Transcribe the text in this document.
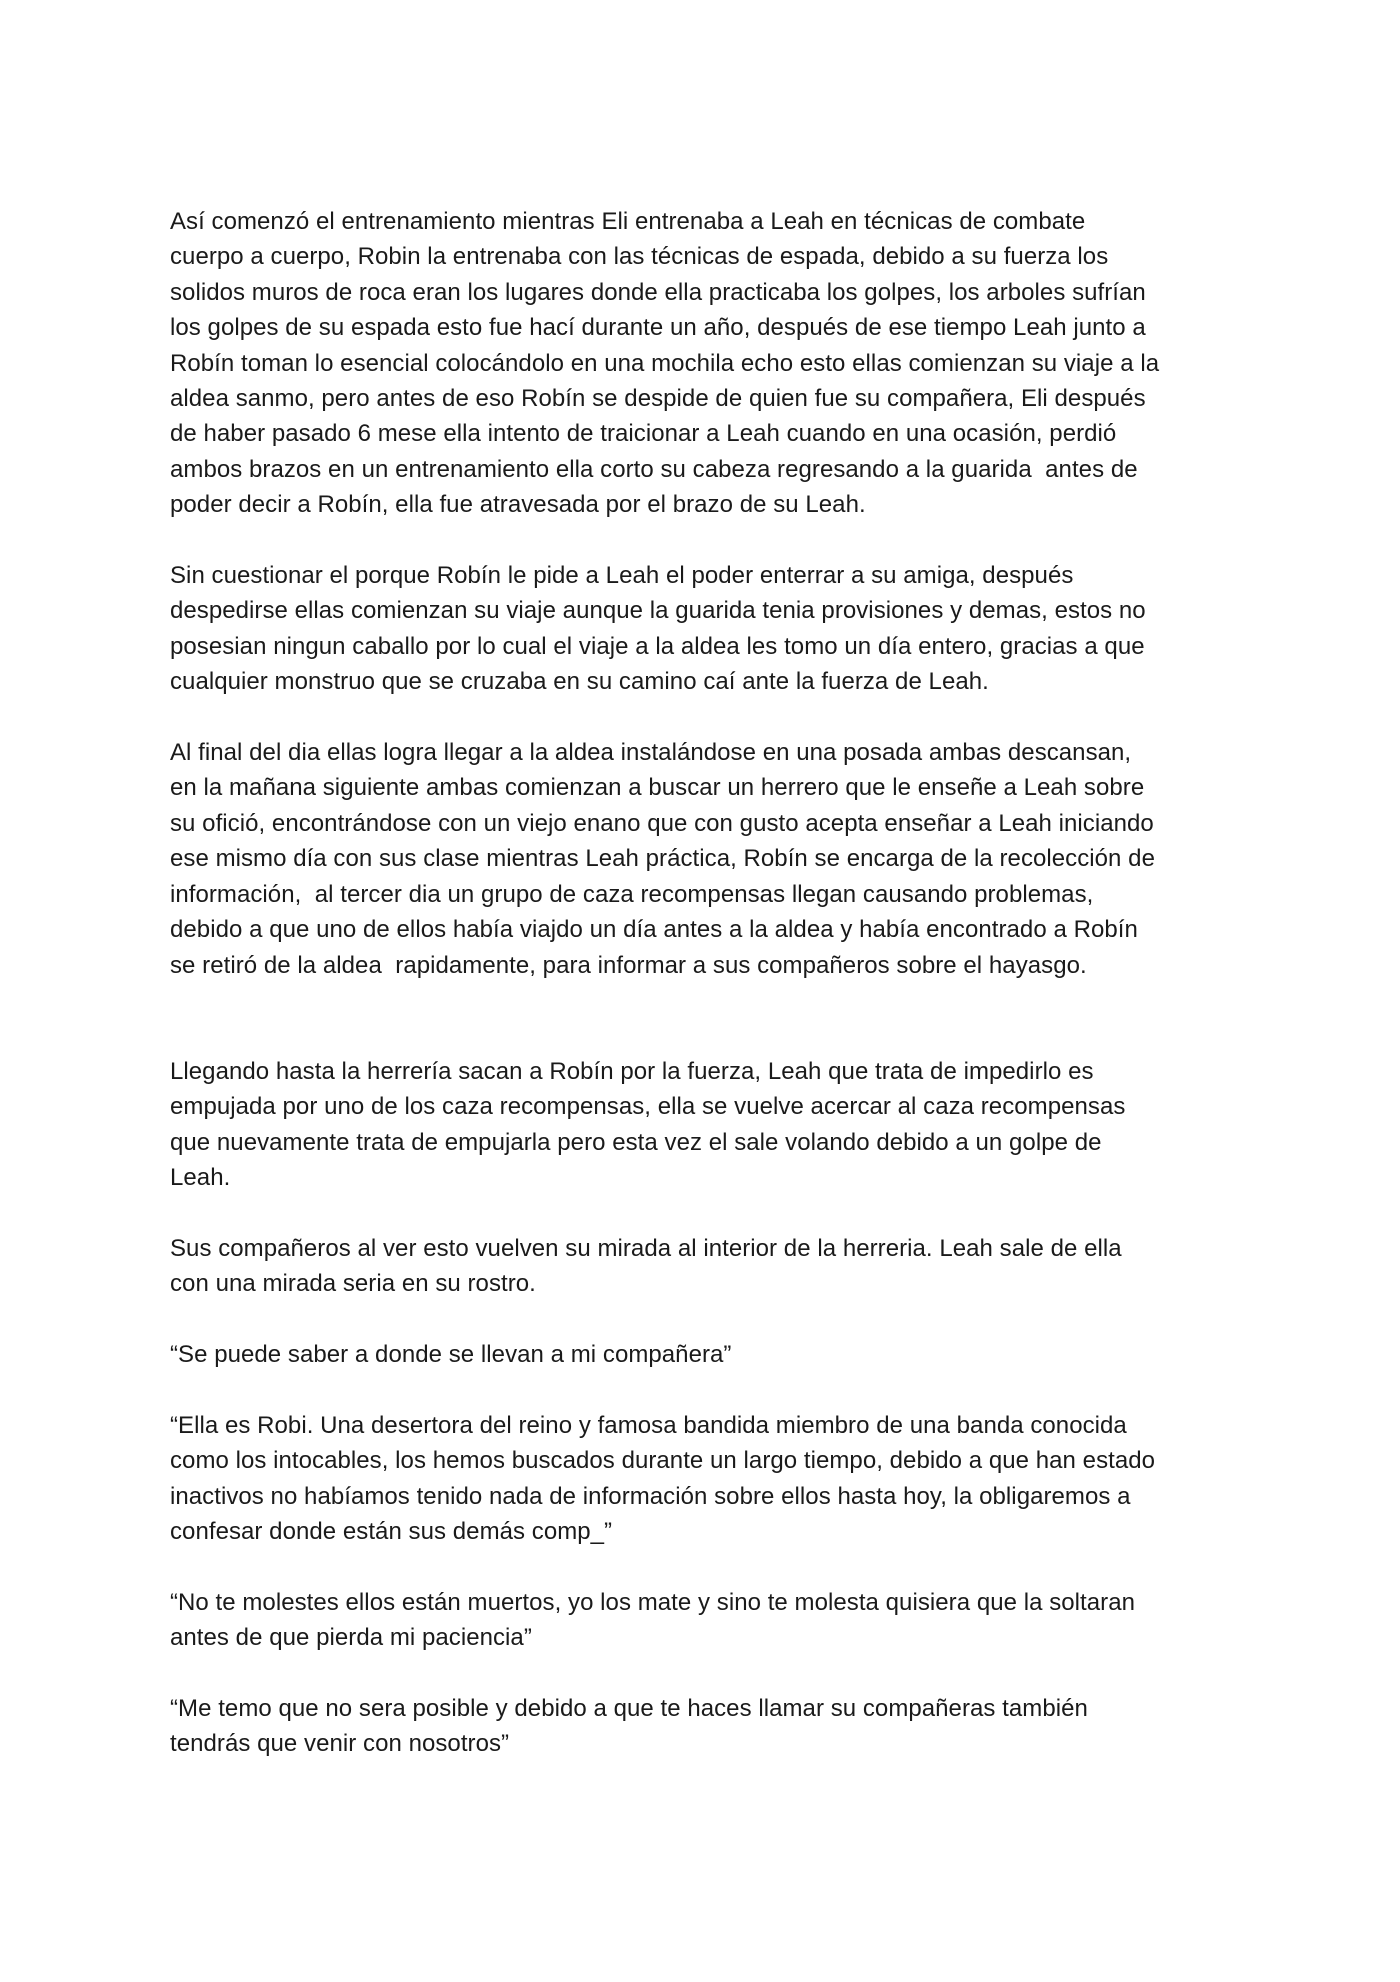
Así comenzó el entrenamiento mientras Eli entrenaba a Leah en técnicas de combate
cuerpo a cuerpo, Robin la entrenaba con las técnicas de espada, debido a su fuerza los
solidos muros de roca eran los lugares donde ella practicaba los golpes, los arboles sufrían
los golpes de su espada esto fue hací durante un año, después de ese tiempo Leah junto a
Robín toman lo esencial colocándolo en una mochila echo esto ellas comienzan su viaje a la
aldea sanmo, pero antes de eso Robín se despide de quien fue su compañera, Eli después
de haber pasado 6 mese ella intento de traicionar a Leah cuando en una ocasión, perdió
ambos brazos en un entrenamiento ella corto su cabeza regresando a la guarida  antes de
poder decir a Robín, ella fue atravesada por el brazo de su Leah.

Sin cuestionar el porque Robín le pide a Leah el poder enterrar a su amiga, después
despedirse ellas comienzan su viaje aunque la guarida tenia provisiones y demas, estos no
posesian ningun caballo por lo cual el viaje a la aldea les tomo un día entero, gracias a que
cualquier monstruo que se cruzaba en su camino caí ante la fuerza de Leah.

Al final del dia ellas logra llegar a la aldea instalándose en una posada ambas descansan,
en la mañana siguiente ambas comienzan a buscar un herrero que le enseñe a Leah sobre
su ofició, encontrándose con un viejo enano que con gusto acepta enseñar a Leah iniciando
ese mismo día con sus clase mientras Leah práctica, Robín se encarga de la recolección de
información,  al tercer dia un grupo de caza recompensas llegan causando problemas,
debido a que uno de ellos había viajdo un día antes a la aldea y había encontrado a Robín
se retiró de la aldea  rapidamente, para informar a sus compañeros sobre el hayasgo.

Llegando hasta la herrería sacan a Robín por la fuerza, Leah que trata de impedirlo es
empujada por uno de los caza recompensas, ella se vuelve acercar al caza recompensas
que nuevamente trata de empujarla pero esta vez el sale volando debido a un golpe de
Leah.

Sus compañeros al ver esto vuelven su mirada al interior de la herreria. Leah sale de ella
con una mirada seria en su rostro.

“Se puede saber a donde se llevan a mi compañera”

“Ella es Robi. Una desertora del reino y famosa bandida miembro de una banda conocida
como los intocables, los hemos buscados durante un largo tiempo, debido a que han estado
inactivos no habíamos tenido nada de información sobre ellos hasta hoy, la obligaremos a
confesar donde están sus demás comp_”

“No te molestes ellos están muertos, yo los mate y sino te molesta quisiera que la soltaran
antes de que pierda mi paciencia”

“Me temo que no sera posible y debido a que te haces llamar su compañeras también
tendrás que venir con nosotros”
